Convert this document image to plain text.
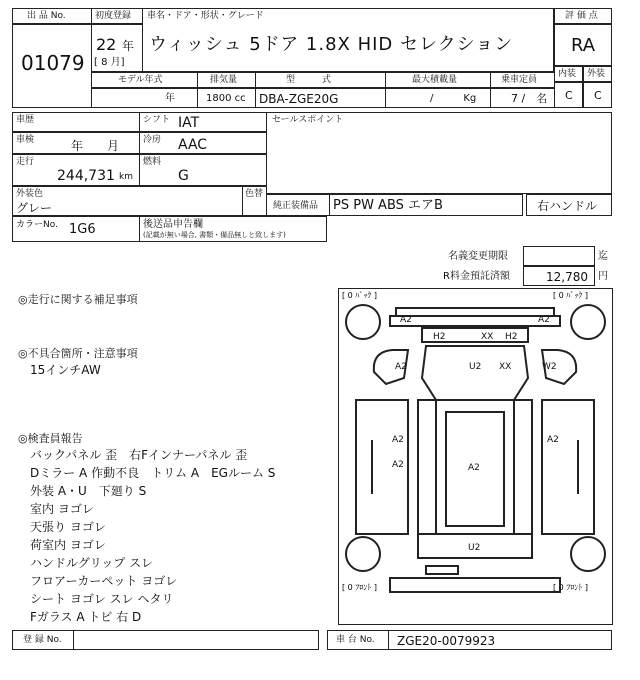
出 品 No.
01079
初度登録
22 年
[ 8 月]
車名・ドア・形状・グレード
ウィッシュ 5ドア 1.8X HID セレクション
評 価 点
RA
内装 外装
C C
モデル年式
年
排気量
1800 cc
型　　　式
DBA-ZGE20G
最大積載量
/　　　Kg
乗車定員
7 /　名
車歴	シフト IAT	セールスポイント
車検	年　　月	冷房 AAC
走行
244,731 km
燃料
G
外装色
グレー
色替
純正装備品 PS PW ABS エアB	右ハンドル
カラーNo. 1G6	後送品申告欄
(記載が無い場合, 書類・備品無しと致します)
名義変更期限	迄
R料金預託済額	12,780 円
◎走行に関する補足事項
◎不具合箇所・注意事項
15インチAW
◎検査員報告
バックパネル 歪　右Fインナーパネル 歪
Dミラー A 作動不良　トリム A　EGルーム S
外装 A・U　下廻り S
室内 ヨゴレ
天張り ヨゴレ
荷室内 ヨゴレ
ハンドルグリップ スレ
フロアーカーペット ヨゴレ
シート ヨゴレ スレ ヘタリ
Fガラス A トビ 右 D
[ 0 ﾊﾞｯｸ ]	[ 0 ﾊﾞｯｸ ]
[ 0 ﾌﾛﾝﾄ ]	[ 0 ﾌﾛﾝﾄ ]
A2	A2
H2	XX H2
A2	U2 XX	W2
A2	A2
A2	A2
U2
登 録 No.	車 台 No. ZGE20-0079923
